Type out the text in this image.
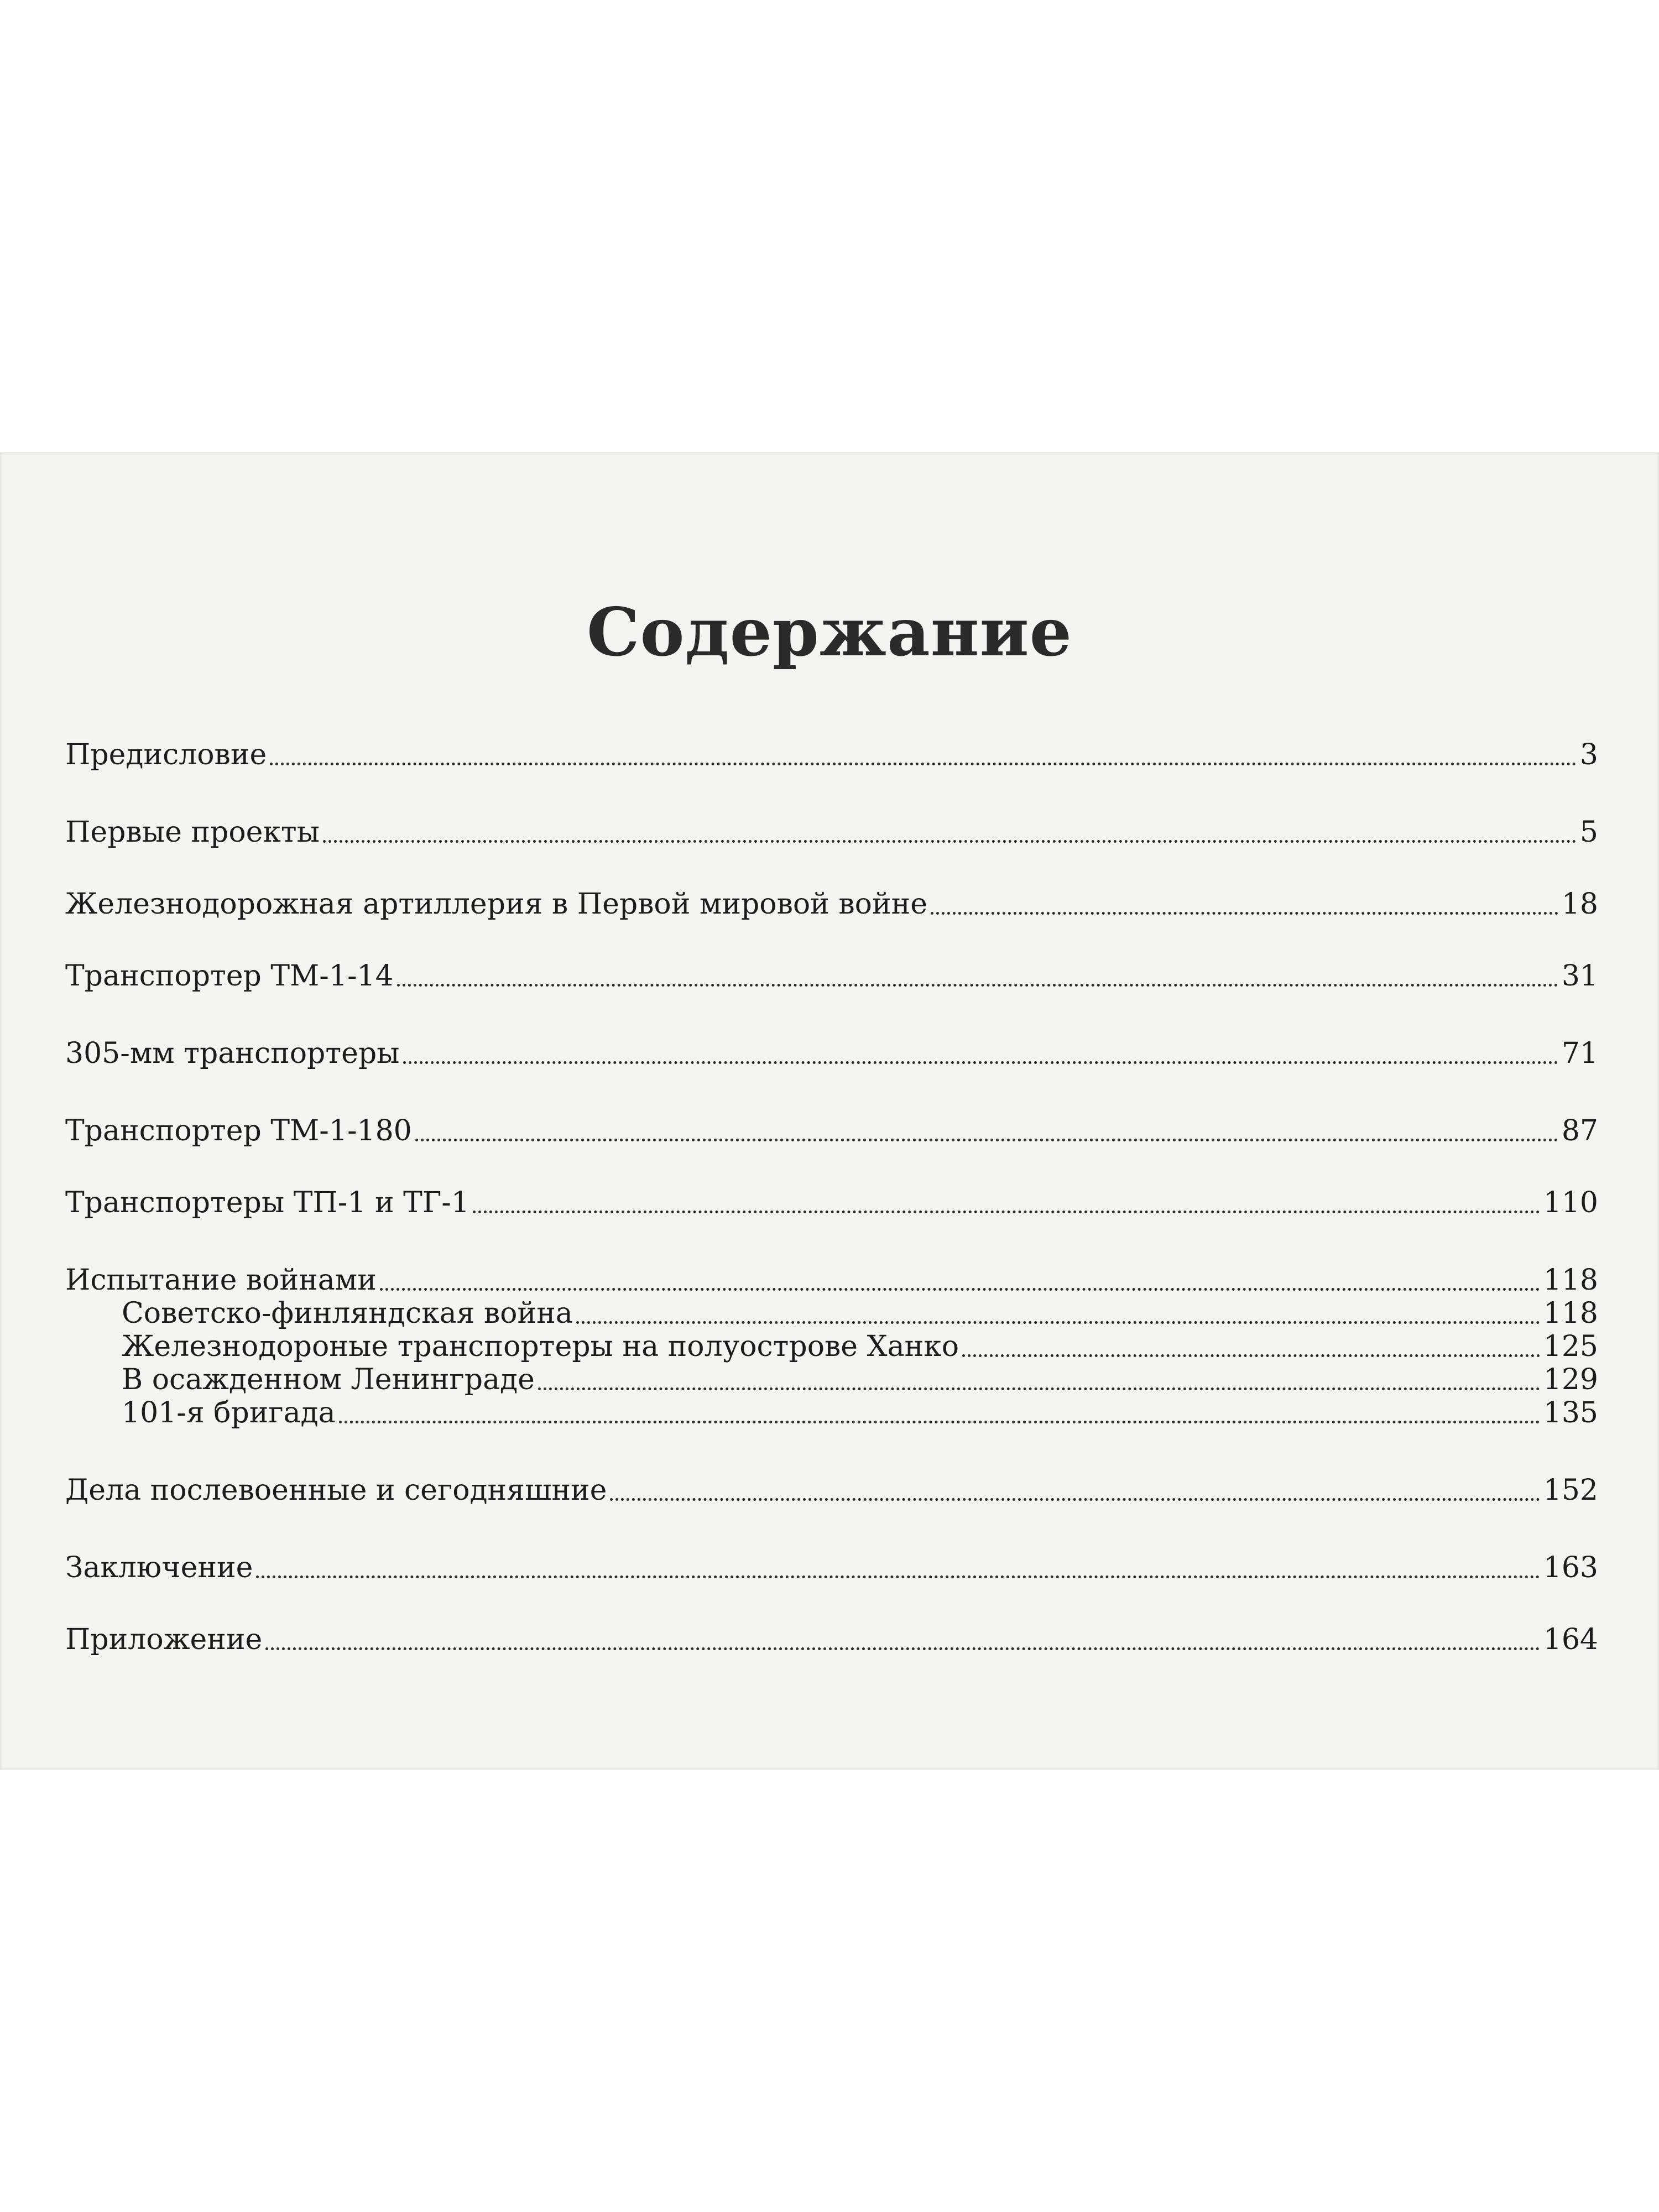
Содержание
Предисловие	3
Первые проекты	5
Железнодорожная артиллерия в Первой мировой войне	18
Транспортер ТМ-1-14	31
305-мм транспортеры	71
Транспортер ТМ-1-180	87
Транспортеры ТП-1 и ТГ-1	110
Испытание войнами	118
Советско-финляндская война	118
Железнодороные транспортеры на полуострове Ханко	125
В осажденном Ленинграде	129
101-я бригада	135
Дела послевоенные и сегодняшние	152
Заключение	163
Приложение	164
